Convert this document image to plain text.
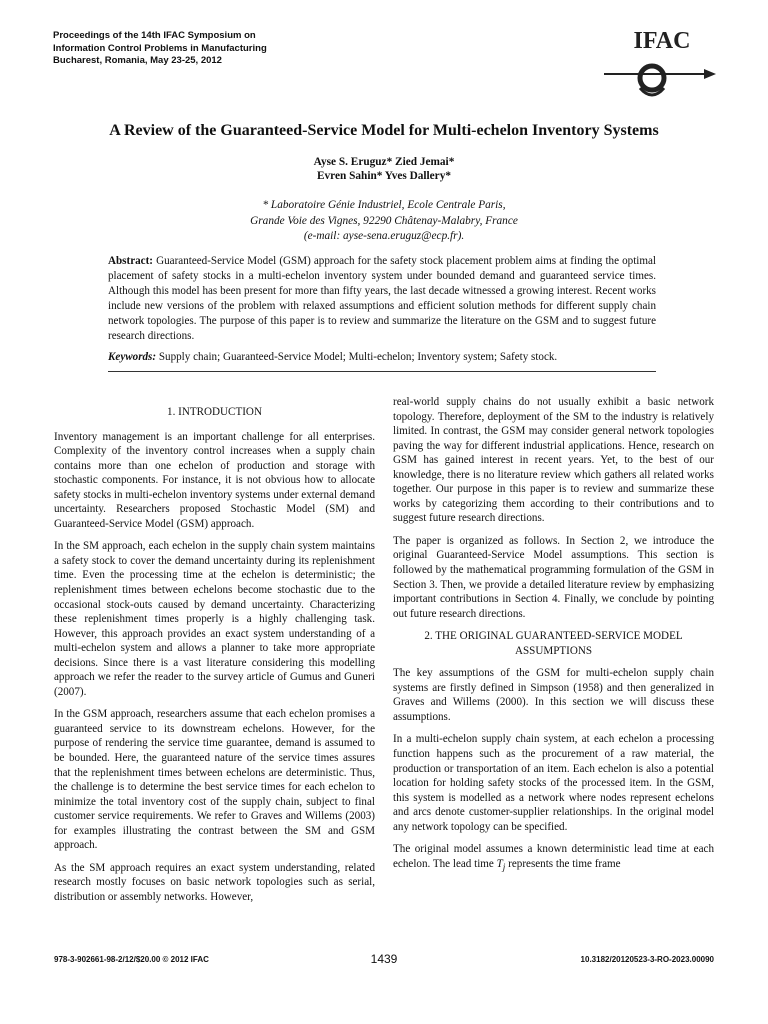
Proceedings of the 14th IFAC Symposium on
Information Control Problems in Manufacturing
Bucharest, Romania, May 23-25, 2012
IFAC
A Review of the Guaranteed-Service Model for Multi-echelon Inventory Systems
Ayse S. Eruguz* Zied Jemai*
Evren Sahin* Yves Dallery*
* Laboratoire Génie Industriel, Ecole Centrale Paris,
Grande Voie des Vignes, 92290 Châtenay-Malabry, France
(e-mail: ayse-sena.eruguz@ecp.fr).

Abstract: Guaranteed-Service Model (GSM) approach for the safety stock placement problem aims at finding the optimal placement of safety stocks in a multi-echelon inventory system under bounded demand and guaranteed service times. Although this model has been present for more than fifty years, the last decade witnessed a growing interest. Recent works include new versions of the problem with relaxed assumptions and efficient solution methods for different supply chain network topologies. The purpose of this paper is to review and summarize the literature on the GSM and to suggest future research directions.

Keywords: Supply chain; Guaranteed-Service Model; Multi-echelon; Inventory system; Safety stock.

1. INTRODUCTION

Inventory management is an important challenge for all enterprises. Complexity of the inventory control increases when a supply chain contains more than one echelon of production and storage with stochastic components. For instance, it is not obvious how to allocate safety stocks in multi-echelon inventory systems under external demand uncertainty. Researchers proposed Stochastic Model (SM) and Guaranteed-Service Model (GSM) approach.

In the SM approach, each echelon in the supply chain system maintains a safety stock to cover the demand uncertainty during its replenishment time. Even the processing time at the echelon is deterministic; the replenishment times between echelons become stochastic due to the occasional stock-outs caused by demand uncertainty. Characterizing these replenishment times properly is a highly challenging task. However, this approach provides an exact system understanding of a multi-echelon system and allows a planner to take more appropriate decisions. Since there is a vast literature considering this modelling approach we refer the reader to the survey article of Gumus and Guneri (2007).

In the GSM approach, researchers assume that each echelon promises a guaranteed service to its downstream echelons. However, for the purpose of rendering the service time guarantee, demand is assumed to be bounded. Here, the guaranteed nature of the service times assures that the replenishment times between echelons are deterministic. Thus, the challenge is to determine the best service times for each echelon to minimize the total inventory cost of the supply chain, subject to final customer service requirements. We refer to Graves and Willems (2003) for examples illustrating the contrast between the SM and GSM approach.

As the SM approach requires an exact system understanding, related research mostly focuses on basic network topologies such as serial, distribution or assembly networks. However,

real-world supply chains do not usually exhibit a basic network topology. Therefore, deployment of the SM to the industry is relatively limited. In contrast, the GSM may consider general network topologies paving the way for different industrial applications. Hence, research on GSM has gained interest in recent years. Yet, to the best of our knowledge, there is no literature review which gathers all related works together. Our purpose in this paper is to review and summarize these works by categorizing them according to their contributions and to suggest future research directions.

The paper is organized as follows. In Section 2, we introduce the original Guaranteed-Service Model assumptions. This section is followed by the mathematical programming formulation of the GSM in Section 3. Then, we provide a detailed literature review by emphasizing important contributions in Section 4. Finally, we conclude by pointing out future research directions.

2. THE ORIGINAL GUARANTEED-SERVICE MODEL
ASSUMPTIONS

The key assumptions of the GSM for multi-echelon supply chain systems are firstly defined in Simpson (1958) and then generalized in Graves and Willems (2000). In this section we will discuss these assumptions.

In a multi-echelon supply chain system, at each echelon a processing function happens such as the procurement of a raw material, the production or transportation of an item. Each echelon is also a potential location for holding safety stocks of the processed item. In the GSM, this system is modelled as a network where nodes represent echelons and arcs denote customer-supplier relationships. In the original model any network topology can be specified.

The original model assumes a known deterministic lead time at each echelon. The lead time $T_j$ represents the time frame

978-3-902661-98-2/12/$20.00 © 2012 IFAC	1439	10.3182/20120523-3-RO-2023.00090
